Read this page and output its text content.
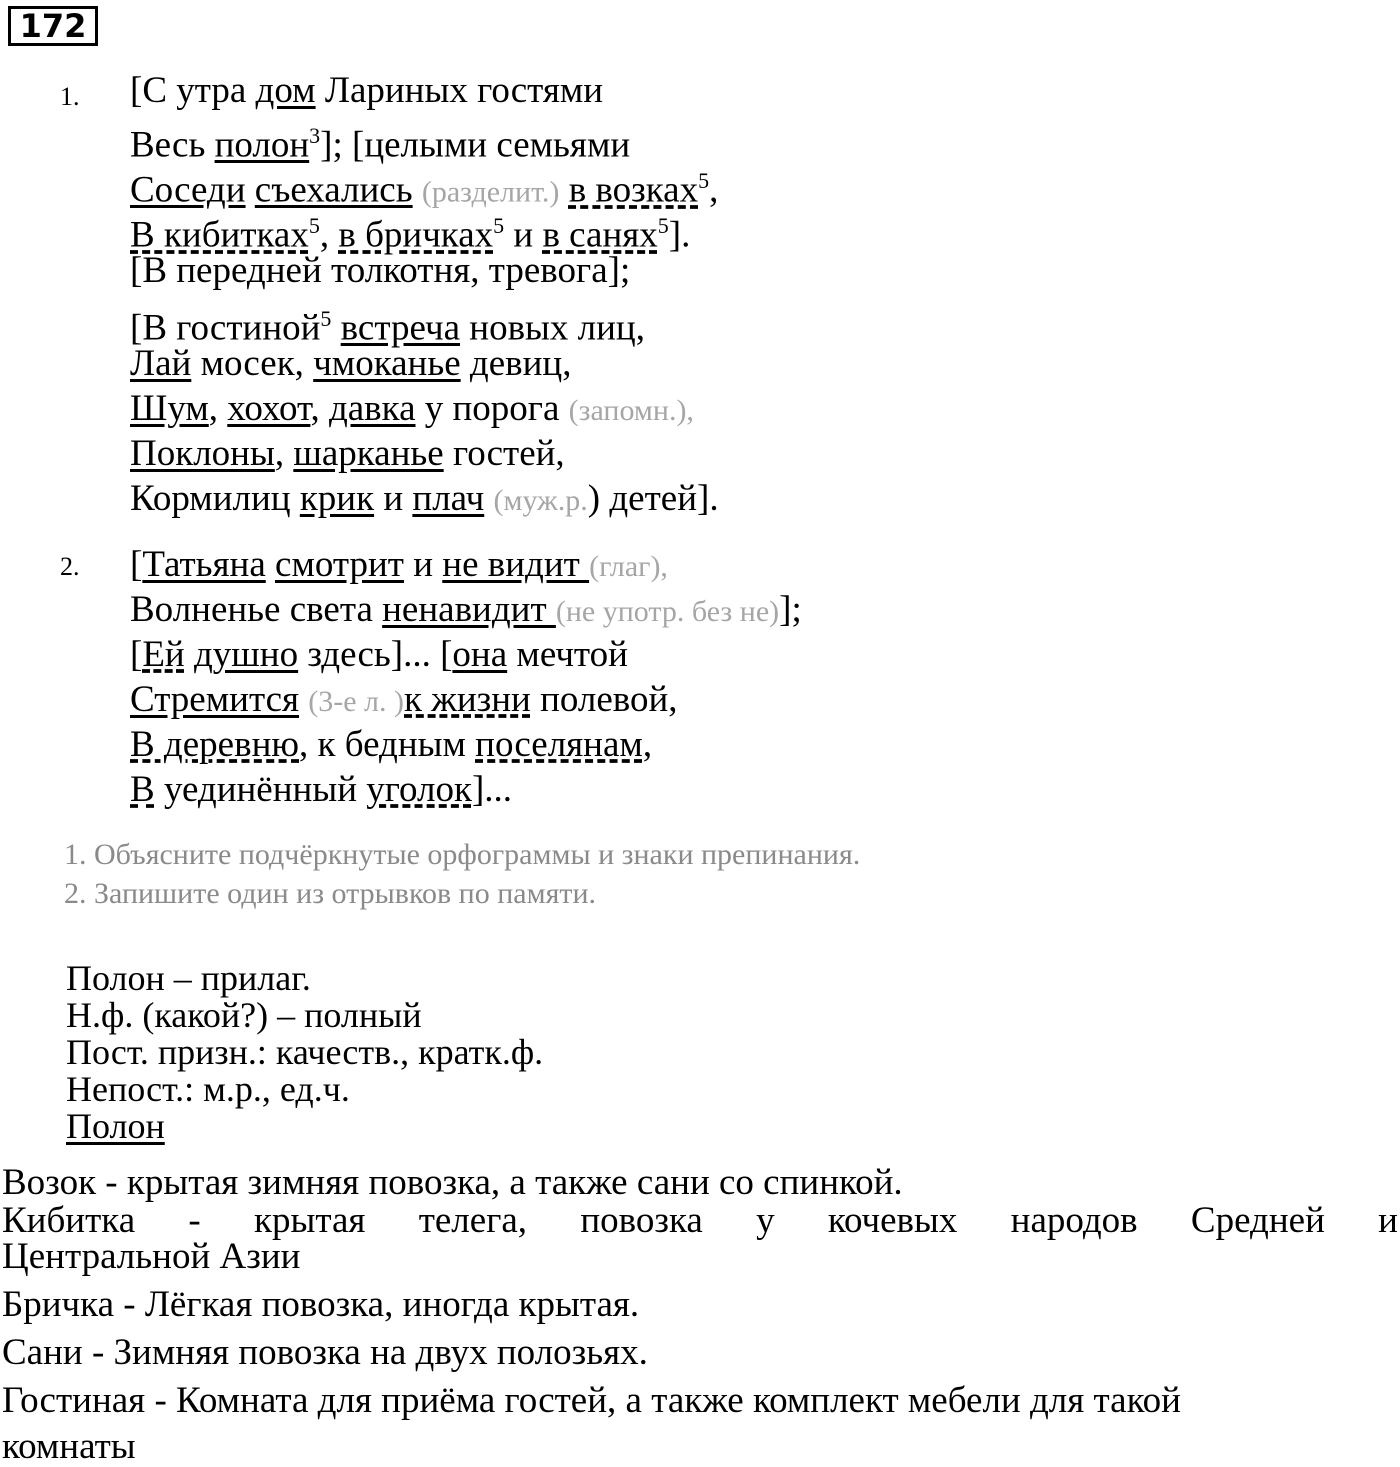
172
1. [С утра дом Лариных гостями
Весь полон$^3$]; [целыми семьями
Соседи съехались (разделит.) в возках$^5$,
В кибитках$^5$, в бричках$^5$ и в санях$^5$].
[В передней толкотня, тревога];
[В гостиной$^5$ встреча новых лиц,
Лай мосек, чмоканье девиц,
Шум, хохот, давка у порога (запомн.),
Поклоны, шарканье гостей,
Кормилиц крик и плач (муж.р.) детей].
2. [Татьяна смотрит и не видит (глаг),
Волненье света ненавидит (не употр. без не)];
[Ей душно здесь]... [она мечтой
Стремится (3-е л. )к жизни полевой,
В деревню, к бедным поселянам,
В уединённый уголок]...
1. Объясните подчёркнутые орфограммы и знаки препинания.
2. Запишите один из отрывков по памяти.
Полон – прилаг.
Н.ф. (какой?) – полный
Пост. призн.: качеств., кратк.ф.
Непост.: м.р., ед.ч.
Полон
Возок - крытая зимняя повозка, а также сани со спинкой.
Кибитка - крытая телега, повозка у кочевых народов Средней и
Центральной Азии
Бричка - Лёгкая повозка, иногда крытая.
Сани - Зимняя повозка на двух полозьях.
Гостиная - Комната для приёма гостей, а также комплект мебели для такой
комнаты
